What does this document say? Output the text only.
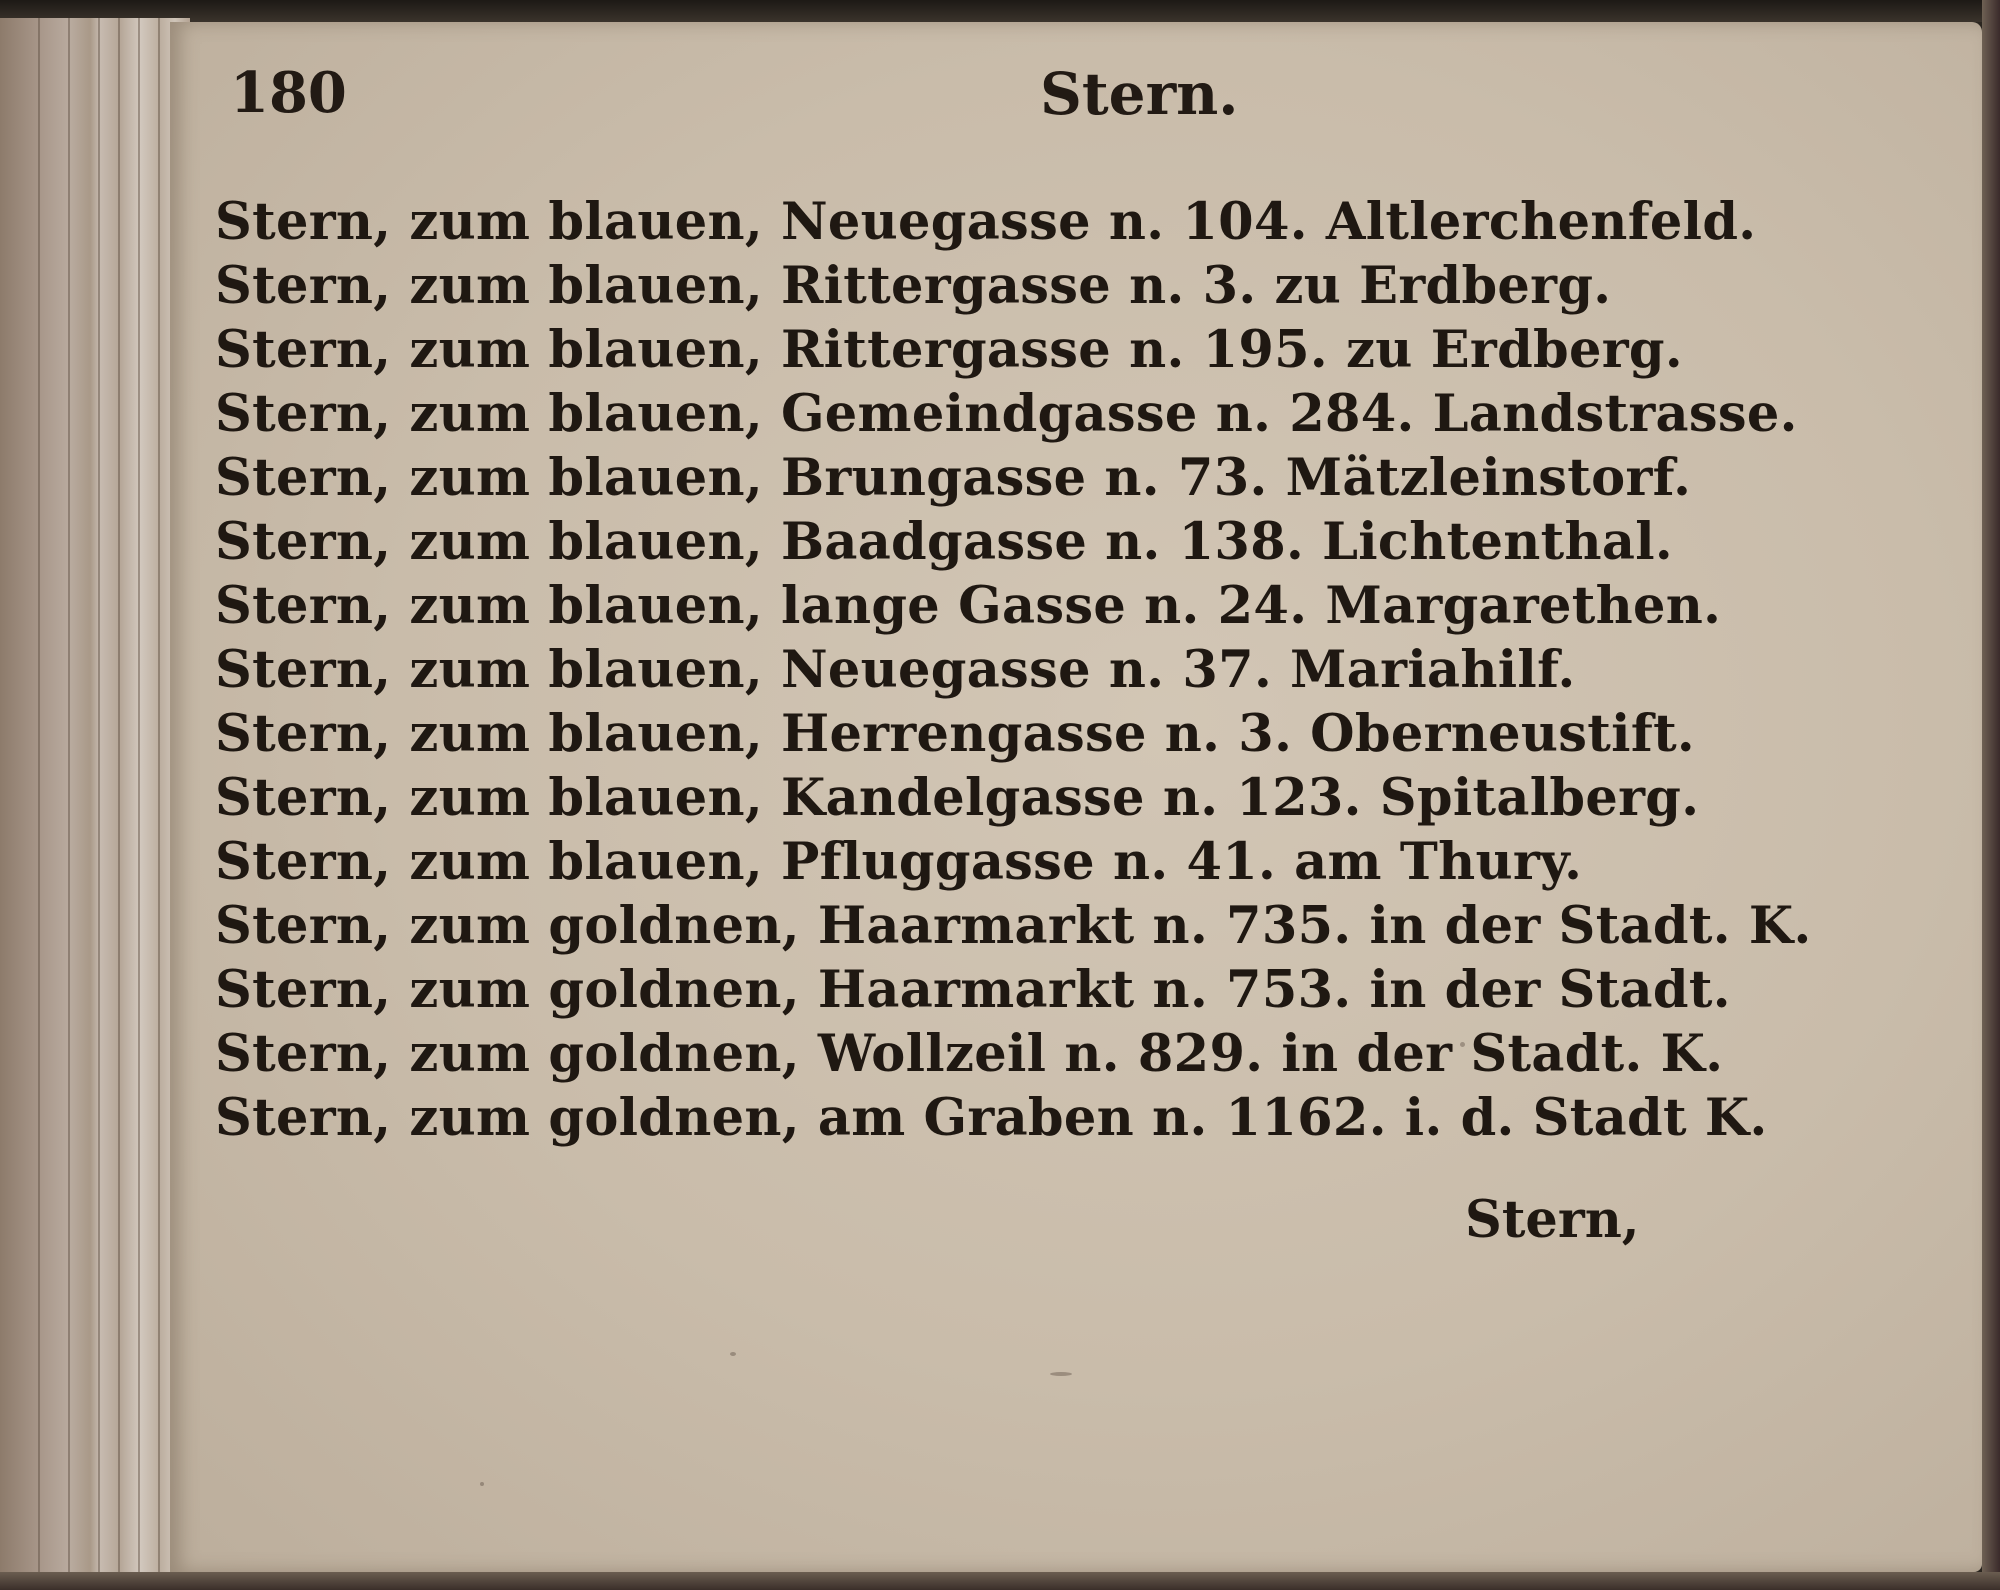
180	Stern.
Stern, zum blauen, Neuegasse n. 104. Altlerchenfeld.
Stern, zum blauen, Rittergasse n. 3. zu Erdberg.
Stern, zum blauen, Rittergasse n. 195. zu Erdberg.
Stern, zum blauen, Gemeindgasse n. 284. Landstrasse.
Stern, zum blauen, Brungasse n. 73. Mätzleinstorf.
Stern, zum blauen, Baadgasse n. 138. Lichtenthal.
Stern, zum blauen, lange Gasse n. 24. Margarethen.
Stern, zum blauen, Neuegasse n. 37. Mariahilf.
Stern, zum blauen, Herrengasse n. 3. Oberneustift.
Stern, zum blauen, Kandelgasse n. 123. Spitalberg.
Stern, zum blauen, Pfluggasse n. 41. am Thury.
Stern, zum goldnen, Haarmarkt n. 735. in der Stadt. K.
Stern, zum goldnen, Haarmarkt n. 753. in der Stadt.
Stern, zum goldnen, Wollzeil n. 829. in der Stadt. K.
Stern, zum goldnen, am Graben n. 1162. i. d. Stadt K.
Stern,
